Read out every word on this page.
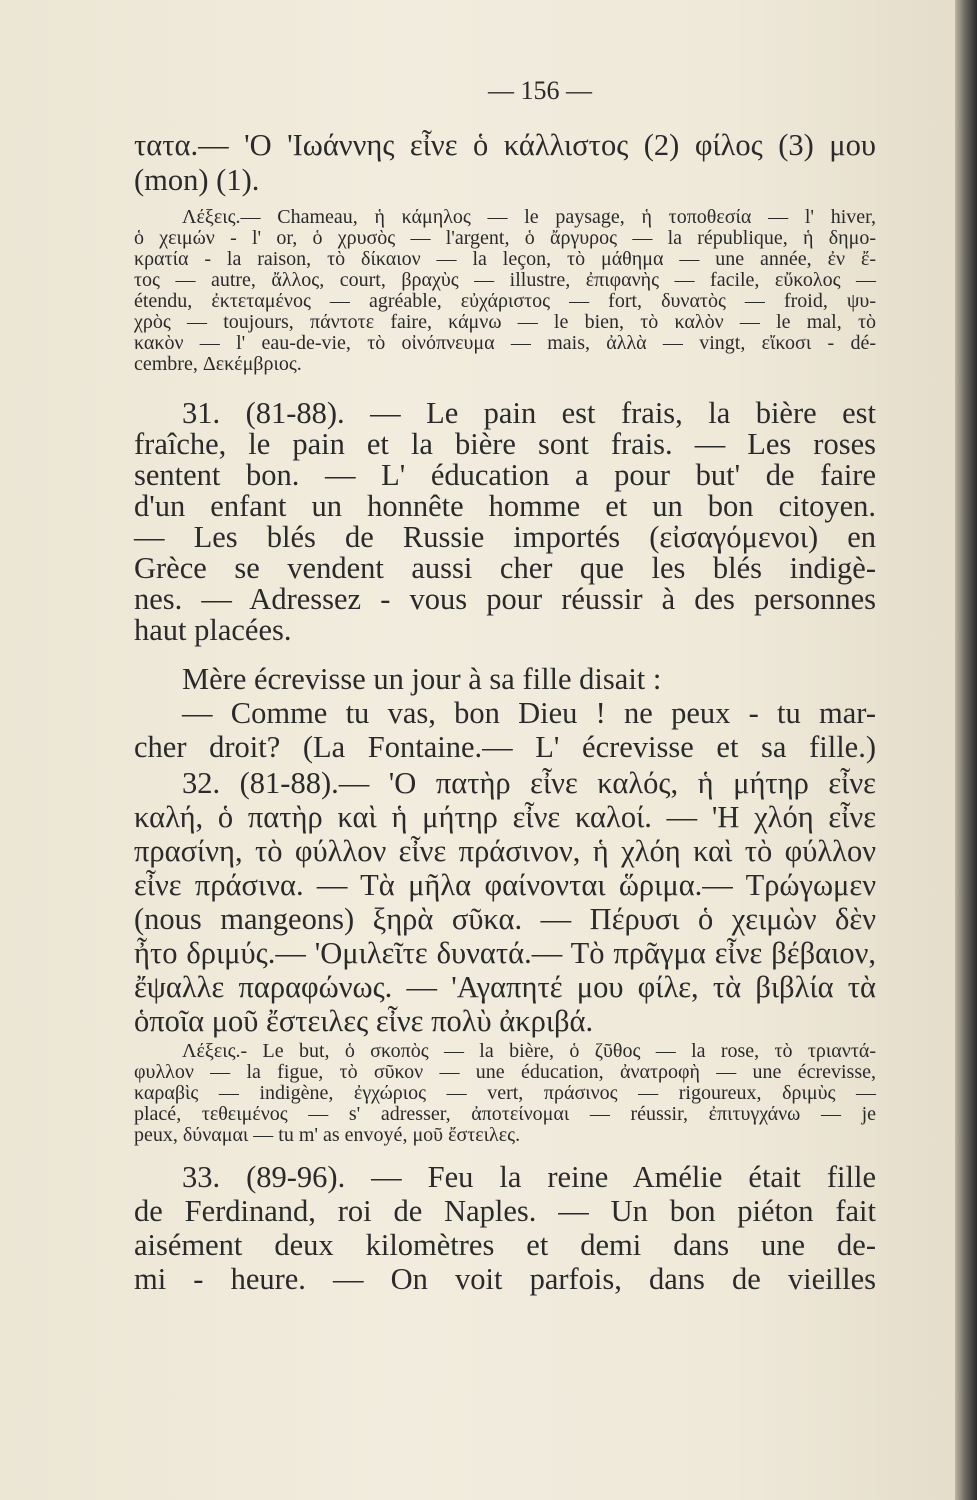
— 156 —
τατα.— 'Ο 'Ιωάννης εἶνε ὁ κάλλιστος (2) φίλος (3) μου
(mon) (1).
Λέξεις.— Chameau, ἡ κάμηλος — le paysage, ἡ τοποθεσία — l' hiver,
ὁ χειμών - l' or, ὁ χρυσὸς — l'argent, ὁ ἄργυρος — la république, ἡ δημο-
κρατία - la raison, τὸ δίκαιον — la leçon, τὸ μάθημα — une année, ἐν ἔ-
τος — autre, ἄλλος, court, βραχὺς — illustre, ἐπιφανὴς — facile, εὔκολος —
étendu, ἐκτεταμένος — agréable, εὐχάριστος — fort, δυνατὸς — froid, ψυ-
χρὸς — toujours, πάντοτε faire, κάμνω — le bien, τὸ καλὸν — le mal, τὸ
κακὸν — l' eau-de-vie, τὸ οἰνόπνευμα — mais, ἀλλὰ — vingt, εἴκοσι - dé-
cembre, Δεκέμβριος.
31. (81-88). — Le pain est frais, la bière est
fraîche, le pain et la bière sont frais. — Les roses
sentent bon. — L' éducation a pour but' de faire
d'un enfant un honnête homme et un bon citoyen.
— Les blés de Russie importés (εἰσαγόμενοι) en
Grèce se vendent aussi cher que les blés indigè-
nes. — Adressez - vous pour réussir à des personnes
haut placées.
Mère écrevisse un jour à sa fille disait :
— Comme tu vas, bon Dieu ! ne peux - tu mar-
cher droit? (La Fontaine.— L' écrevisse et sa fille.)
32. (81-88).— 'Ο πατὴρ εἶνε καλός, ἡ μήτηρ εἶνε
καλή, ὁ πατὴρ καὶ ἡ μήτηρ εἶνε καλοί. — 'Η χλόη εἶνε
πρασίνη, τὸ φύλλον εἶνε πράσινον, ἡ χλόη καὶ τὸ φύλλον
εἶνε πράσινα. — Τὰ μῆλα φαίνονται ὥριμα.— Τρώγωμεν
(nous mangeons) ξηρὰ σῦκα. — Πέρυσι ὁ χειμὼν δὲν
ἦτο δριμύς.— 'Ομιλεῖτε δυνατά.— Τὸ πρᾶγμα εἶνε βέβαιον,
ἔψαλλε παραφώνως. — 'Αγαπητέ μου φίλε, τὰ βιβλία τὰ
ὁποῖα μοῦ ἔστειλες εἶνε πολὺ ἀκριβά.
Λέξεις.- Le but, ὁ σκοπὸς — la bière, ὁ ζῦθος — la rose, τὸ τριαντά-
φυλλον — la figue, τὸ σῦκον — une éducation, ἀνατροφὴ — une écrevisse,
καραβὶς — indigène, ἐγχώριος — vert, πράσινος — rigoureux, δριμὺς —
placé, τεθειμένος — s' adresser, ἀποτείνομαι — réussir, ἐπιτυγχάνω — je
peux, δύναμαι — tu m' as envoyé, μοῦ ἔστειλες.
33. (89-96). — Feu la reine Amélie était fille
de Ferdinand, roi de Naples. — Un bon piéton fait
aisément deux kilomètres et demi dans une de-
mi - heure. — On voit parfois, dans de vieilles
